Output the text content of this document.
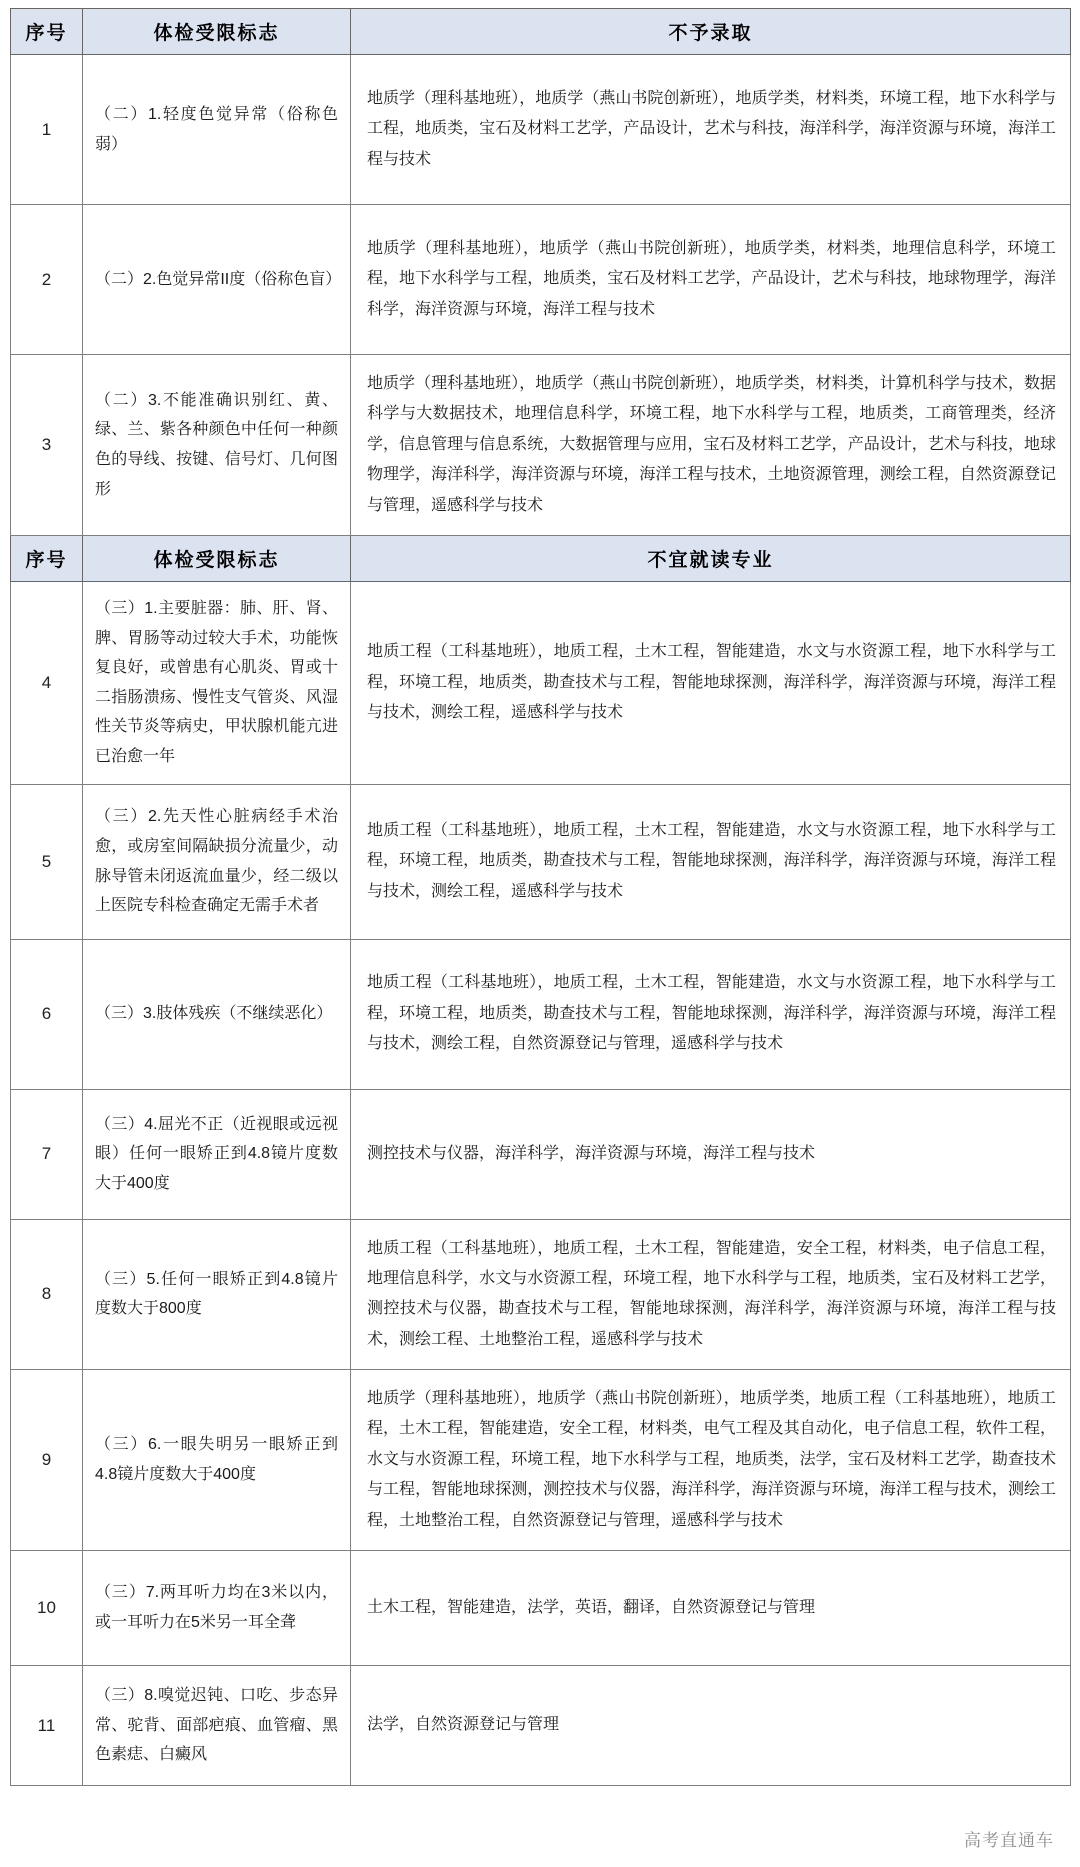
序号	体检受限标志	不予录取
1	（二）1.轻度色觉异常（俗称色弱）	地质学（理科基地班），地质学（燕山书院创新班），地质学类，材料类，环境工程，地下水科学与工程，地质类，宝石及材料工艺学，产品设计，艺术与科技，海洋科学，海洋资源与环境，海洋工程与技术
2	（二）2.色觉异常II度（俗称色盲）	地质学（理科基地班），地质学（燕山书院创新班），地质学类，材料类，地理信息科学，环境工程，地下水科学与工程，地质类，宝石及材料工艺学，产品设计，艺术与科技，地球物理学，海洋科学，海洋资源与环境，海洋工程与技术
3	（二）3.不能准确识别红、黄、绿、兰、紫各种颜色中任何一种颜色的导线、按键、信号灯、几何图形	地质学（理科基地班），地质学（燕山书院创新班），地质学类，材料类，计算机科学与技术，数据科学与大数据技术，地理信息科学，环境工程，地下水科学与工程，地质类，工商管理类，经济学，信息管理与信息系统，大数据管理与应用，宝石及材料工艺学，产品设计，艺术与科技，地球物理学，海洋科学，海洋资源与环境，海洋工程与技术，土地资源管理，测绘工程，自然资源登记与管理，遥感科学与技术
序号	体检受限标志	不宜就读专业
4	（三）1.主要脏器：肺、肝、肾、脾、胃肠等动过较大手术，功能恢复良好，或曾患有心肌炎、胃或十二指肠溃疡、慢性支气管炎、风湿性关节炎等病史，甲状腺机能亢进已治愈一年	地质工程（工科基地班），地质工程，土木工程，智能建造，水文与水资源工程，地下水科学与工程，环境工程，地质类，勘查技术与工程，智能地球探测，海洋科学，海洋资源与环境，海洋工程与技术，测绘工程，遥感科学与技术
5	（三）2.先天性心脏病经手术治愈，或房室间隔缺损分流量少，动脉导管未闭返流血量少，经二级以上医院专科检查确定无需手术者	地质工程（工科基地班），地质工程，土木工程，智能建造，水文与水资源工程，地下水科学与工程，环境工程，地质类，勘查技术与工程，智能地球探测，海洋科学，海洋资源与环境，海洋工程与技术，测绘工程，遥感科学与技术
6	（三）3.肢体残疾（不继续恶化）	地质工程（工科基地班），地质工程，土木工程，智能建造，水文与水资源工程，地下水科学与工程，环境工程，地质类，勘查技术与工程，智能地球探测，海洋科学，海洋资源与环境，海洋工程与技术，测绘工程，自然资源登记与管理，遥感科学与技术
7	（三）4.屈光不正（近视眼或远视眼）任何一眼矫正到4.8镜片度数大于400度	测控技术与仪器，海洋科学，海洋资源与环境，海洋工程与技术
8	（三）5.任何一眼矫正到4.8镜片度数大于800度	地质工程（工科基地班），地质工程，土木工程，智能建造，安全工程，材料类，电子信息工程，地理信息科学，水文与水资源工程，环境工程，地下水科学与工程，地质类，宝石及材料工艺学，测控技术与仪器，勘查技术与工程，智能地球探测，海洋科学，海洋资源与环境，海洋工程与技术，测绘工程、土地整治工程，遥感科学与技术
9	（三）6.一眼失明另一眼矫正到4.8镜片度数大于400度	地质学（理科基地班），地质学（燕山书院创新班），地质学类，地质工程（工科基地班），地质工程，土木工程，智能建造，安全工程，材料类，电气工程及其自动化，电子信息工程，软件工程，水文与水资源工程，环境工程，地下水科学与工程，地质类，法学，宝石及材料工艺学，勘查技术与工程，智能地球探测，测控技术与仪器，海洋科学，海洋资源与环境，海洋工程与技术，测绘工程，土地整治工程，自然资源登记与管理，遥感科学与技术
10	（三）7.两耳听力均在3米以内，或一耳听力在5米另一耳全聋	土木工程，智能建造，法学，英语，翻译，自然资源登记与管理
11	（三）8.嗅觉迟钝、口吃、步态异常、驼背、面部疤痕、血管瘤、黑色素痣、白癜风	法学，自然资源登记与管理
高考直通车
